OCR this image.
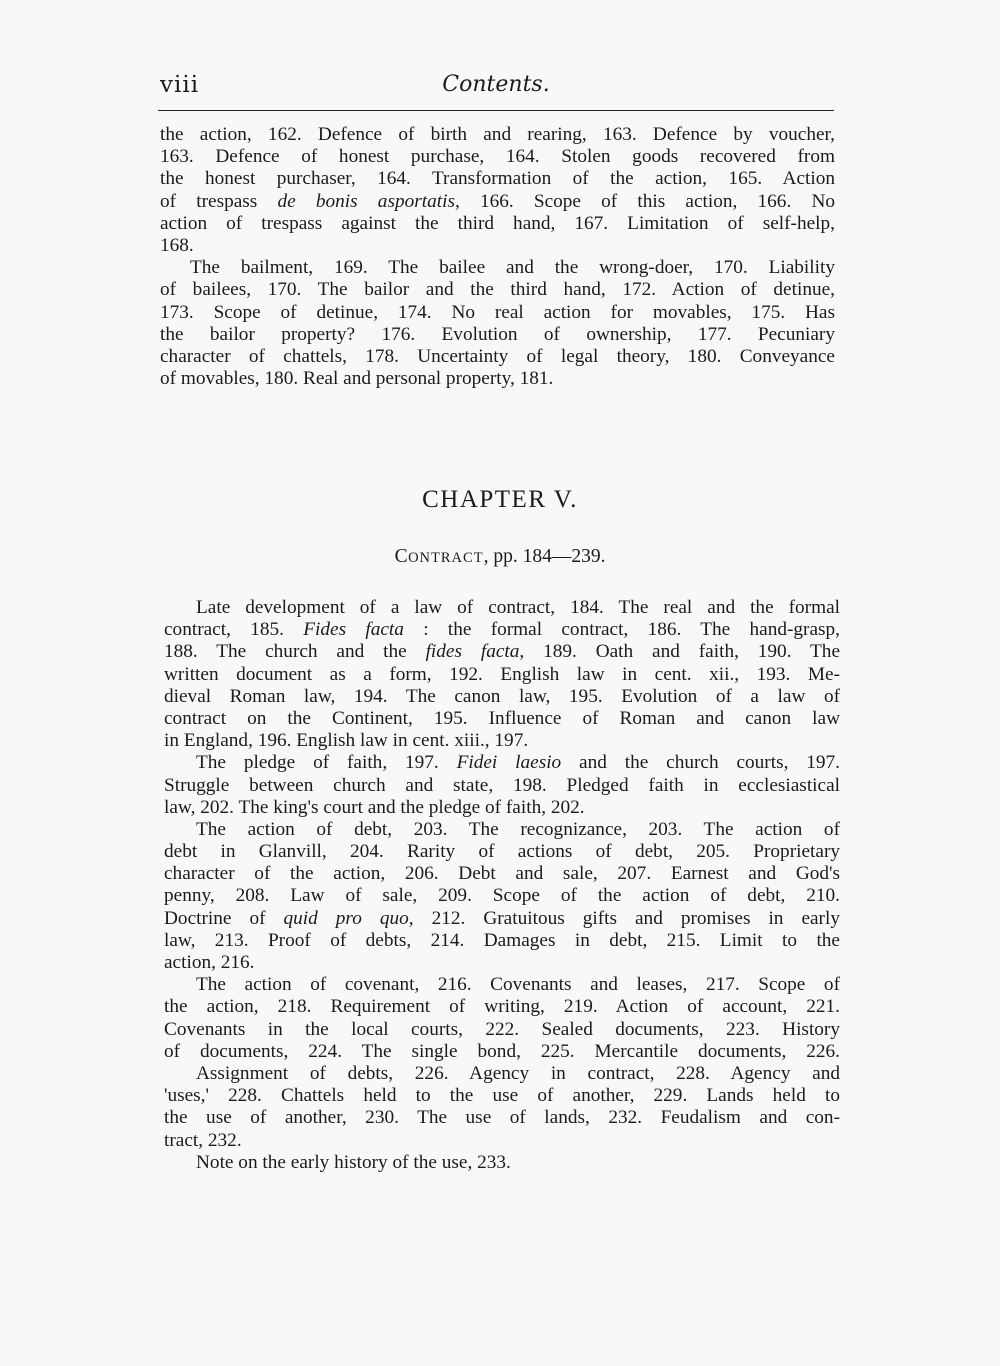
viii	Contents.
the action, 162. Defence of birth and rearing, 163. Defence by voucher,
163. Defence of honest purchase, 164. Stolen goods recovered from
the honest purchaser, 164. Transformation of the action, 165. Action
of trespass de bonis asportatis, 166. Scope of this action, 166. No
action of trespass against the third hand, 167. Limitation of self-help,
168.
The bailment, 169. The bailee and the wrong-doer, 170. Liability
of bailees, 170. The bailor and the third hand, 172. Action of detinue,
173. Scope of detinue, 174. No real action for movables, 175. Has
the bailor property? 176. Evolution of ownership, 177. Pecuniary
character of chattels, 178. Uncertainty of legal theory, 180. Conveyance
of movables, 180. Real and personal property, 181.
CHAPTER V.
CONTRACT, pp. 184—239.
Late development of a law of contract, 184. The real and the formal
contract, 185. Fides facta : the formal contract, 186. The hand-grasp,
188. The church and the fides facta, 189. Oath and faith, 190. The
written document as a form, 192. English law in cent. xii., 193. Me-
dieval Roman law, 194. The canon law, 195. Evolution of a law of
contract on the Continent, 195. Influence of Roman and canon law
in England, 196. English law in cent. xiii., 197.
The pledge of faith, 197. Fidei laesio and the church courts, 197.
Struggle between church and state, 198. Pledged faith in ecclesiastical
law, 202. The king's court and the pledge of faith, 202.
The action of debt, 203. The recognizance, 203. The action of
debt in Glanvill, 204. Rarity of actions of debt, 205. Proprietary
character of the action, 206. Debt and sale, 207. Earnest and God's
penny, 208. Law of sale, 209. Scope of the action of debt, 210.
Doctrine of quid pro quo, 212. Gratuitous gifts and promises in early
law, 213. Proof of debts, 214. Damages in debt, 215. Limit to the
action, 216.
The action of covenant, 216. Covenants and leases, 217. Scope of
the action, 218. Requirement of writing, 219. Action of account, 221.
Covenants in the local courts, 222. Sealed documents, 223. History
of documents, 224. The single bond, 225. Mercantile documents, 226.
Assignment of debts, 226. Agency in contract, 228. Agency and
'uses,' 228. Chattels held to the use of another, 229. Lands held to
the use of another, 230. The use of lands, 232. Feudalism and con-
tract, 232.
Note on the early history of the use, 233.
